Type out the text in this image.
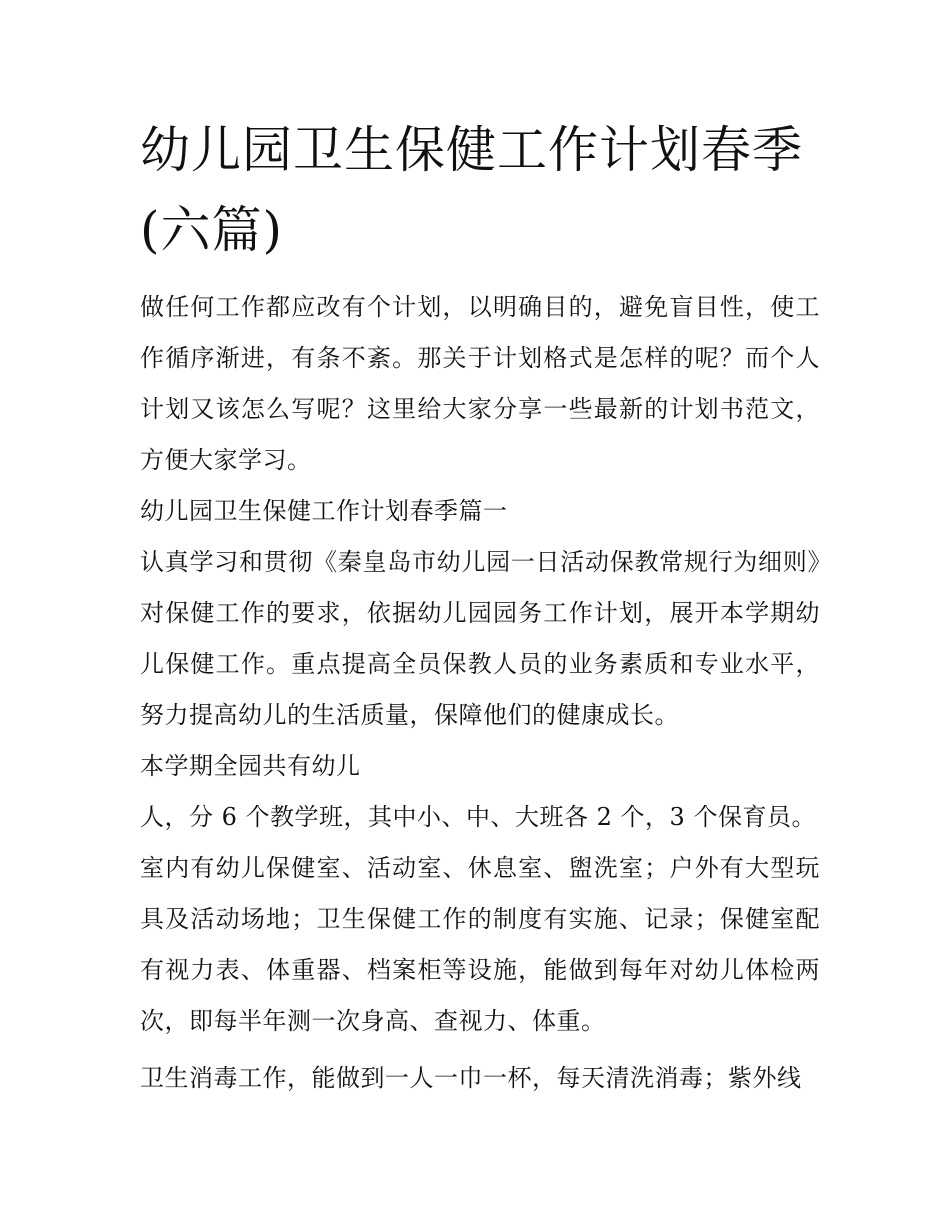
幼儿园卫生保健工作计划春季(六篇)

做任何工作都应改有个计划，以明确目的，避免盲目性，使工作循序渐进，有条不紊。那关于计划格式是怎样的呢？而个人计划又该怎么写呢？这里给大家分享一些最新的计划书范文，方便大家学习。

幼儿园卫生保健工作计划春季篇一

认真学习和贯彻《秦皇岛市幼儿园一日活动保教常规行为细则》对保健工作的要求，依据幼儿园园务工作计划，展开本学期幼儿保健工作。重点提高全员保教人员的业务素质和专业水平，努力提高幼儿的生活质量，保障他们的健康成长。

本学期全园共有幼儿

人，分 6 个教学班，其中小、中、大班各 2 个，3 个保育员。

室内有幼儿保健室、活动室、休息室、盥洗室；户外有大型玩具及活动场地；卫生保健工作的制度有实施、记录；保健室配有视力表、体重器、档案柜等设施，能做到每年对幼儿体检两次，即每半年测一次身高、查视力、体重。

卫生消毒工作，能做到一人一巾一杯，每天清洗消毒；紫外线
